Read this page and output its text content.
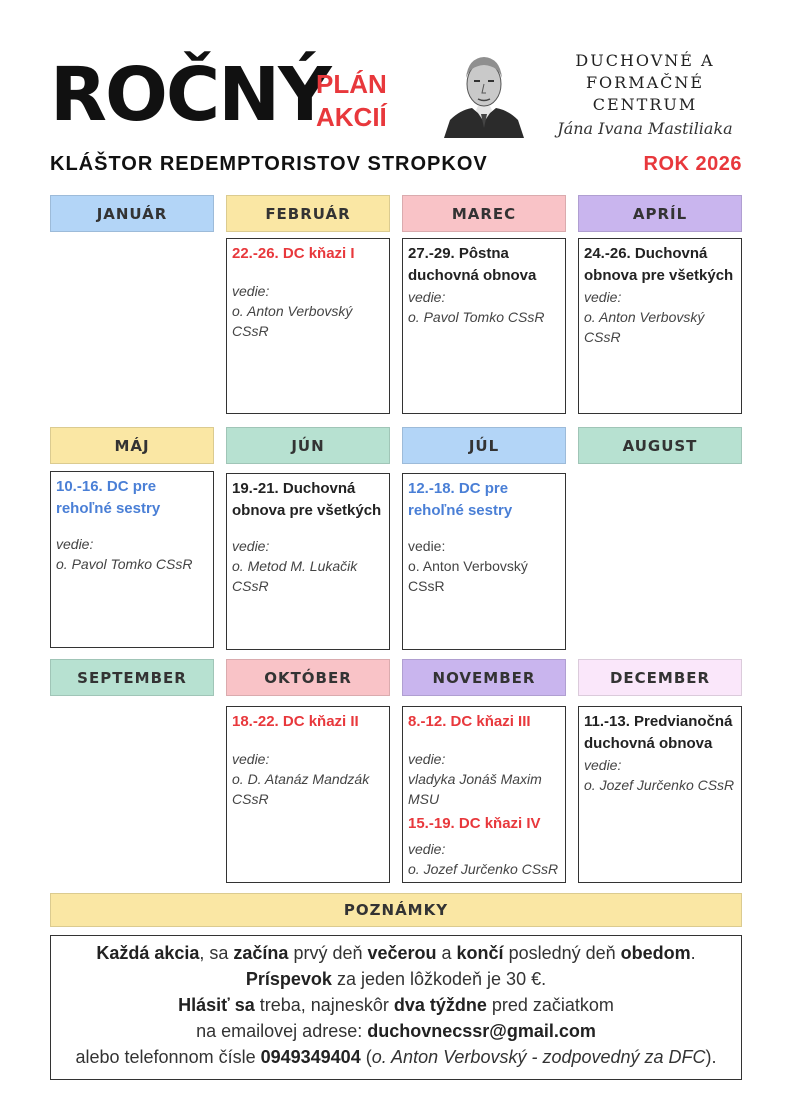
ROČNÝ
PLÁN
AKCIÍ
DUCHOVNÉ A
FORMAČNÉ CENTRUM
Jána Ivana Mastiliaka
KLÁŠTOR REDEMPTORISTOV STROPKOV	ROK 2026
JANUÁR	FEBRUÁR	MAREC	APRÍL
22.-26. DC kňazi I
vedie:
o. Anton Verbovský CSsR
27.-29. Pôstna duchovná obnova
vedie:
o. Pavol Tomko CSsR
24.-26. Duchovná obnova pre všetkých
vedie:
o. Anton Verbovský CSsR
MÁJ	JÚN	JÚL	AUGUST
10.-16. DC pre rehoľné sestry
vedie:
o. Pavol Tomko CSsR
19.-21. Duchovná obnova pre všetkých
vedie:
o. Metod M. Lukačik CSsR
12.-18. DC pre rehoľné sestry
vedie:
o. Anton Verbovský CSsR
SEPTEMBER	OKTÓBER	NOVEMBER	DECEMBER
18.-22. DC kňazi II
vedie:
o. D. Atanáz Mandzák CSsR
8.-12. DC kňazi III
vedie:
vladyka Jonáš Maxim MSU
15.-19. DC kňazi IV
vedie:
o. Jozef Jurčenko CSsR
11.-13. Predvianočná duchovná obnova
vedie:
o. Jozef Jurčenko CSsR
POZNÁMKY
Každá akcia, sa začína prvý deň večerou a končí posledný deň obedom.
Príspevok za jeden lôžkodeň je 30 €.
Hlásiť sa treba, najneskôr dva týždne pred začiatkom
na emailovej adrese: duchovnecssr@gmail.com
alebo telefonnom čísle 0949349404 (o. Anton Verbovský - zodpovedný za DFC).
